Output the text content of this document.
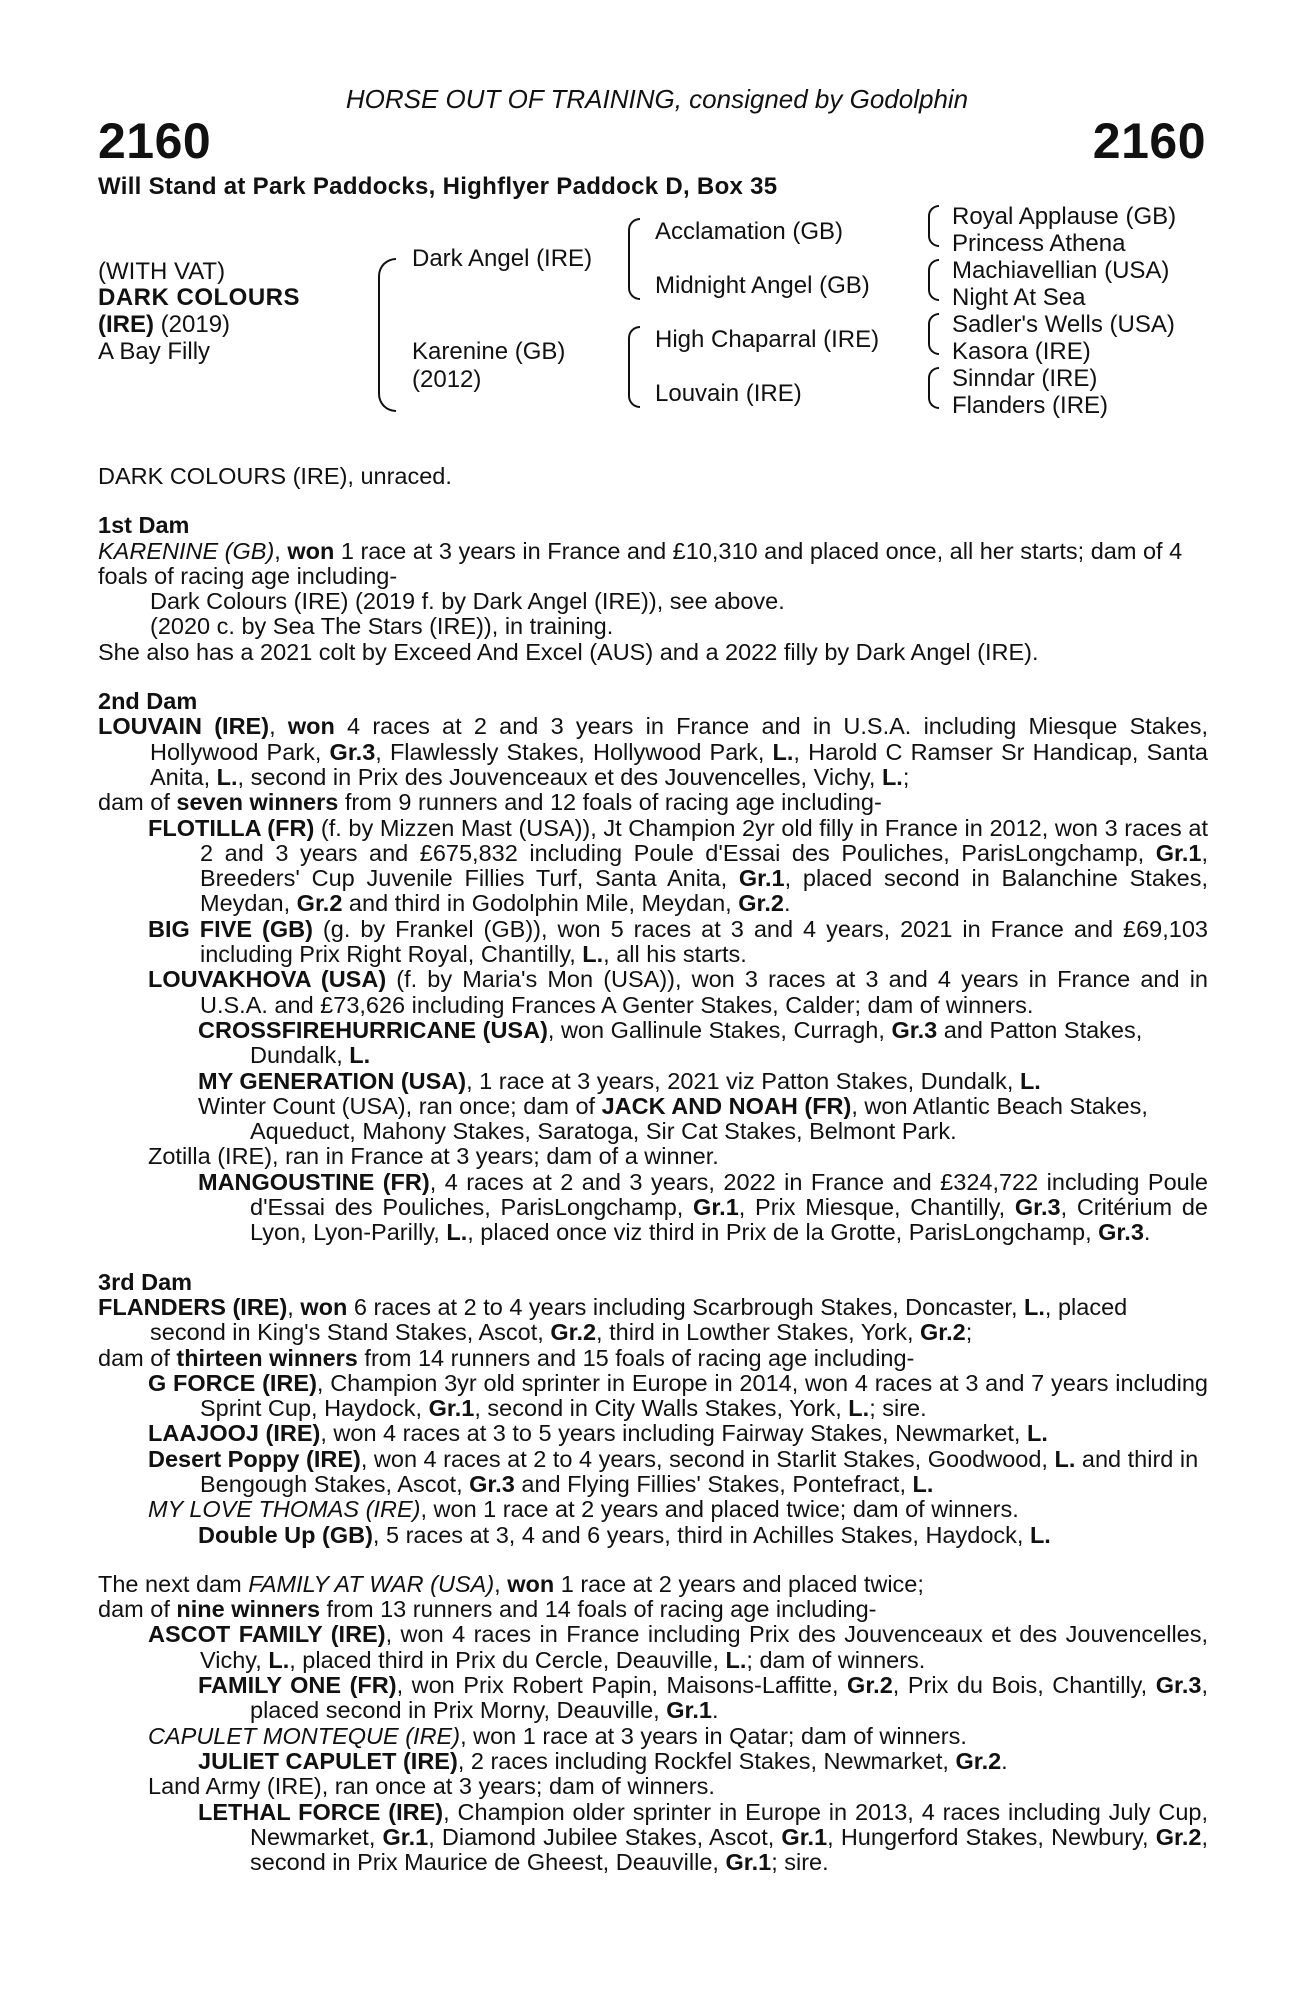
HORSE OUT OF TRAINING, consigned by Godolphin
2160	2160
Will Stand at Park Paddocks, Highflyer Paddock D, Box 35
(WITH VAT)
DARK COLOURS
(IRE) (2019)
A Bay Filly
Dark Angel (IRE)
Karenine (GB)
(2012)
Acclamation (GB)
Midnight Angel (GB)
High Chaparral (IRE)
Louvain (IRE)
Royal Applause (GB)
Princess Athena
Machiavellian (USA)
Night At Sea
Sadler's Wells (USA)
Kasora (IRE)
Sinndar (IRE)
Flanders (IRE)

DARK COLOURS (IRE), unraced.

1st Dam

KARENINE (GB), won 1 race at 3 years in France and £10,310 and placed once, all her starts; dam of 4 foals of racing age including-

Dark Colours (IRE) (2019 f. by Dark Angel (IRE)), see above.

(2020 c. by Sea The Stars (IRE)), in training.

She also has a 2021 colt by Exceed And Excel (AUS) and a 2022 filly by Dark Angel (IRE).

2nd Dam

LOUVAIN (IRE), won 4 races at 2 and 3 years in France and in U.S.A. including Miesque Stakes, Hollywood Park, Gr.3, Flawlessly Stakes, Hollywood Park, L., Harold C Ramser Sr Handicap, Santa Anita, L., second in Prix des Jouvenceaux et des Jouvencelles, Vichy, L.;

dam of seven winners from 9 runners and 12 foals of racing age including-

FLOTILLA (FR) (f. by Mizzen Mast (USA)), Jt Champion 2yr old filly in France in 2012, won 3 races at 2 and 3 years and £675,832 including Poule d'Essai des Pouliches, ParisLongchamp, Gr.1, Breeders' Cup Juvenile Fillies Turf, Santa Anita, Gr.1, placed second in Balanchine Stakes, Meydan, Gr.2 and third in Godolphin Mile, Meydan, Gr.2.

BIG FIVE (GB) (g. by Frankel (GB)), won 5 races at 3 and 4 years, 2021 in France and £69,103 including Prix Right Royal, Chantilly, L., all his starts.

LOUVAKHOVA (USA) (f. by Maria's Mon (USA)), won 3 races at 3 and 4 years in France and in U.S.A. and £73,626 including Frances A Genter Stakes, Calder; dam of winners.

CROSSFIREHURRICANE (USA), won Gallinule Stakes, Curragh, Gr.3 and Patton Stakes, Dundalk, L.

MY GENERATION (USA), 1 race at 3 years, 2021 viz Patton Stakes, Dundalk, L.

Winter Count (USA), ran once; dam of JACK AND NOAH (FR), won Atlantic Beach Stakes, Aqueduct, Mahony Stakes, Saratoga, Sir Cat Stakes, Belmont Park.

Zotilla (IRE), ran in France at 3 years; dam of a winner.

MANGOUSTINE (FR), 4 races at 2 and 3 years, 2022 in France and £324,722 including Poule d'Essai des Pouliches, ParisLongchamp, Gr.1, Prix Miesque, Chantilly, Gr.3, Critérium de Lyon, Lyon-Parilly, L., placed once viz third in Prix de la Grotte, ParisLongchamp, Gr.3.

3rd Dam

FLANDERS (IRE), won 6 races at 2 to 4 years including Scarbrough Stakes, Doncaster, L., placed second in King's Stand Stakes, Ascot, Gr.2, third in Lowther Stakes, York, Gr.2;

dam of thirteen winners from 14 runners and 15 foals of racing age including-

G FORCE (IRE), Champion 3yr old sprinter in Europe in 2014, won 4 races at 3 and 7 years including Sprint Cup, Haydock, Gr.1, second in City Walls Stakes, York, L.; sire.

LAAJOOJ (IRE), won 4 races at 3 to 5 years including Fairway Stakes, Newmarket, L.

Desert Poppy (IRE), won 4 races at 2 to 4 years, second in Starlit Stakes, Goodwood, L. and third in Bengough Stakes, Ascot, Gr.3 and Flying Fillies' Stakes, Pontefract, L.

MY LOVE THOMAS (IRE), won 1 race at 2 years and placed twice; dam of winners.

Double Up (GB), 5 races at 3, 4 and 6 years, third in Achilles Stakes, Haydock, L.

The next dam FAMILY AT WAR (USA), won 1 race at 2 years and placed twice;

dam of nine winners from 13 runners and 14 foals of racing age including-

ASCOT FAMILY (IRE), won 4 races in France including Prix des Jouvenceaux et des Jouvencelles, Vichy, L., placed third in Prix du Cercle, Deauville, L.; dam of winners.

FAMILY ONE (FR), won Prix Robert Papin, Maisons-Laffitte, Gr.2, Prix du Bois, Chantilly, Gr.3, placed second in Prix Morny, Deauville, Gr.1.

CAPULET MONTEQUE (IRE), won 1 race at 3 years in Qatar; dam of winners.

JULIET CAPULET (IRE), 2 races including Rockfel Stakes, Newmarket, Gr.2.

Land Army (IRE), ran once at 3 years; dam of winners.

LETHAL FORCE (IRE), Champion older sprinter in Europe in 2013, 4 races including July Cup, Newmarket, Gr.1, Diamond Jubilee Stakes, Ascot, Gr.1, Hungerford Stakes, Newbury, Gr.2, second in Prix Maurice de Gheest, Deauville, Gr.1; sire.
